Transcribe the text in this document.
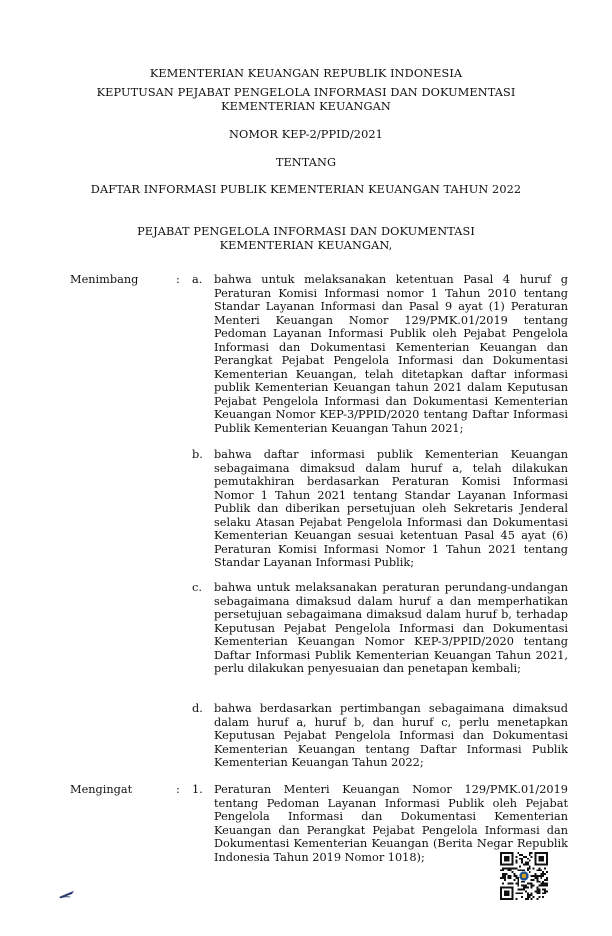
KEMENTERIAN KEUANGAN REPUBLIK INDONESIA
KEPUTUSAN PEJABAT PENGELOLA INFORMASI DAN DOKUMENTASI
KEMENTERIAN KEUANGAN
NOMOR KEP-2/PPID/2021
TENTANG
DAFTAR INFORMASI PUBLIK KEMENTERIAN KEUANGAN TAHUN 2022
PEJABAT PENGELOLA INFORMASI DAN DOKUMENTASI
KEMENTERIAN KEUANGAN,
Menimbang	: a. bahwa untuk melaksanakan ketentuan Pasal 4 huruf g Peraturan Komisi Informasi nomor 1 Tahun 2010 tentang Standar Layanan Informasi dan Pasal 9 ayat (1) Peraturan Menteri Keuangan Nomor 129/PMK.01/2019 tentang Pedoman Layanan Informasi Publik oleh Pejabat Pengelola Informasi dan Dokumentasi Kementerian Keuangan dan Perangkat Pejabat Pengelola Informasi dan Dokumentasi Kementerian Keuangan, telah ditetapkan daftar informasi publik Kementerian Keuangan tahun 2021 dalam Keputusan Pejabat Pengelola Informasi dan Dokumentasi Kementerian Keuangan Nomor KEP-3/PPID/2020 tentang Daftar Informasi Publik Kementerian Keuangan Tahun 2021;
b. bahwa daftar informasi publik Kementerian Keuangan sebagaimana dimaksud dalam huruf a, telah dilakukan pemutakhiran berdasarkan Peraturan Komisi Informasi Nomor 1 Tahun 2021 tentang Standar Layanan Informasi Publik dan diberikan persetujuan oleh Sekretaris Jenderal selaku Atasan Pejabat Pengelola Informasi dan Dokumentasi Kementerian Keuangan sesuai ketentuan Pasal 45 ayat (6) Peraturan Komisi Informasi Nomor 1 Tahun 2021 tentang Standar Layanan Informasi Publik;
c. bahwa untuk melaksanakan peraturan perundang-undangan sebagaimana dimaksud dalam huruf a dan memperhatikan persetujuan sebagaimana dimaksud dalam huruf b, terhadap Keputusan Pejabat Pengelola Informasi dan Dokumentasi Kementerian Keuangan Nomor KEP-3/PPID/2020 tentang Daftar Informasi Publik Kementerian Keuangan Tahun 2021, perlu dilakukan penyesuaian dan penetapan kembali;
d. bahwa berdasarkan pertimbangan sebagaimana dimaksud dalam huruf a, huruf b, dan huruf c, perlu menetapkan Keputusan Pejabat Pengelola Informasi dan Dokumentasi Kementerian Keuangan tentang Daftar Informasi Publik Kementerian Keuangan Tahun 2022;
Mengingat	: 1. Peraturan Menteri Keuangan Nomor 129/PMK.01/2019 tentang Pedoman Layanan Informasi Publik oleh Pejabat Pengelola Informasi dan Dokumentasi Kementerian Keuangan dan Perangkat Pejabat Pengelola Informasi dan Dokumentasi Kementerian Keuangan (Berita Negar Republik Indonesia Tahun 2019 Nomor 1018);
